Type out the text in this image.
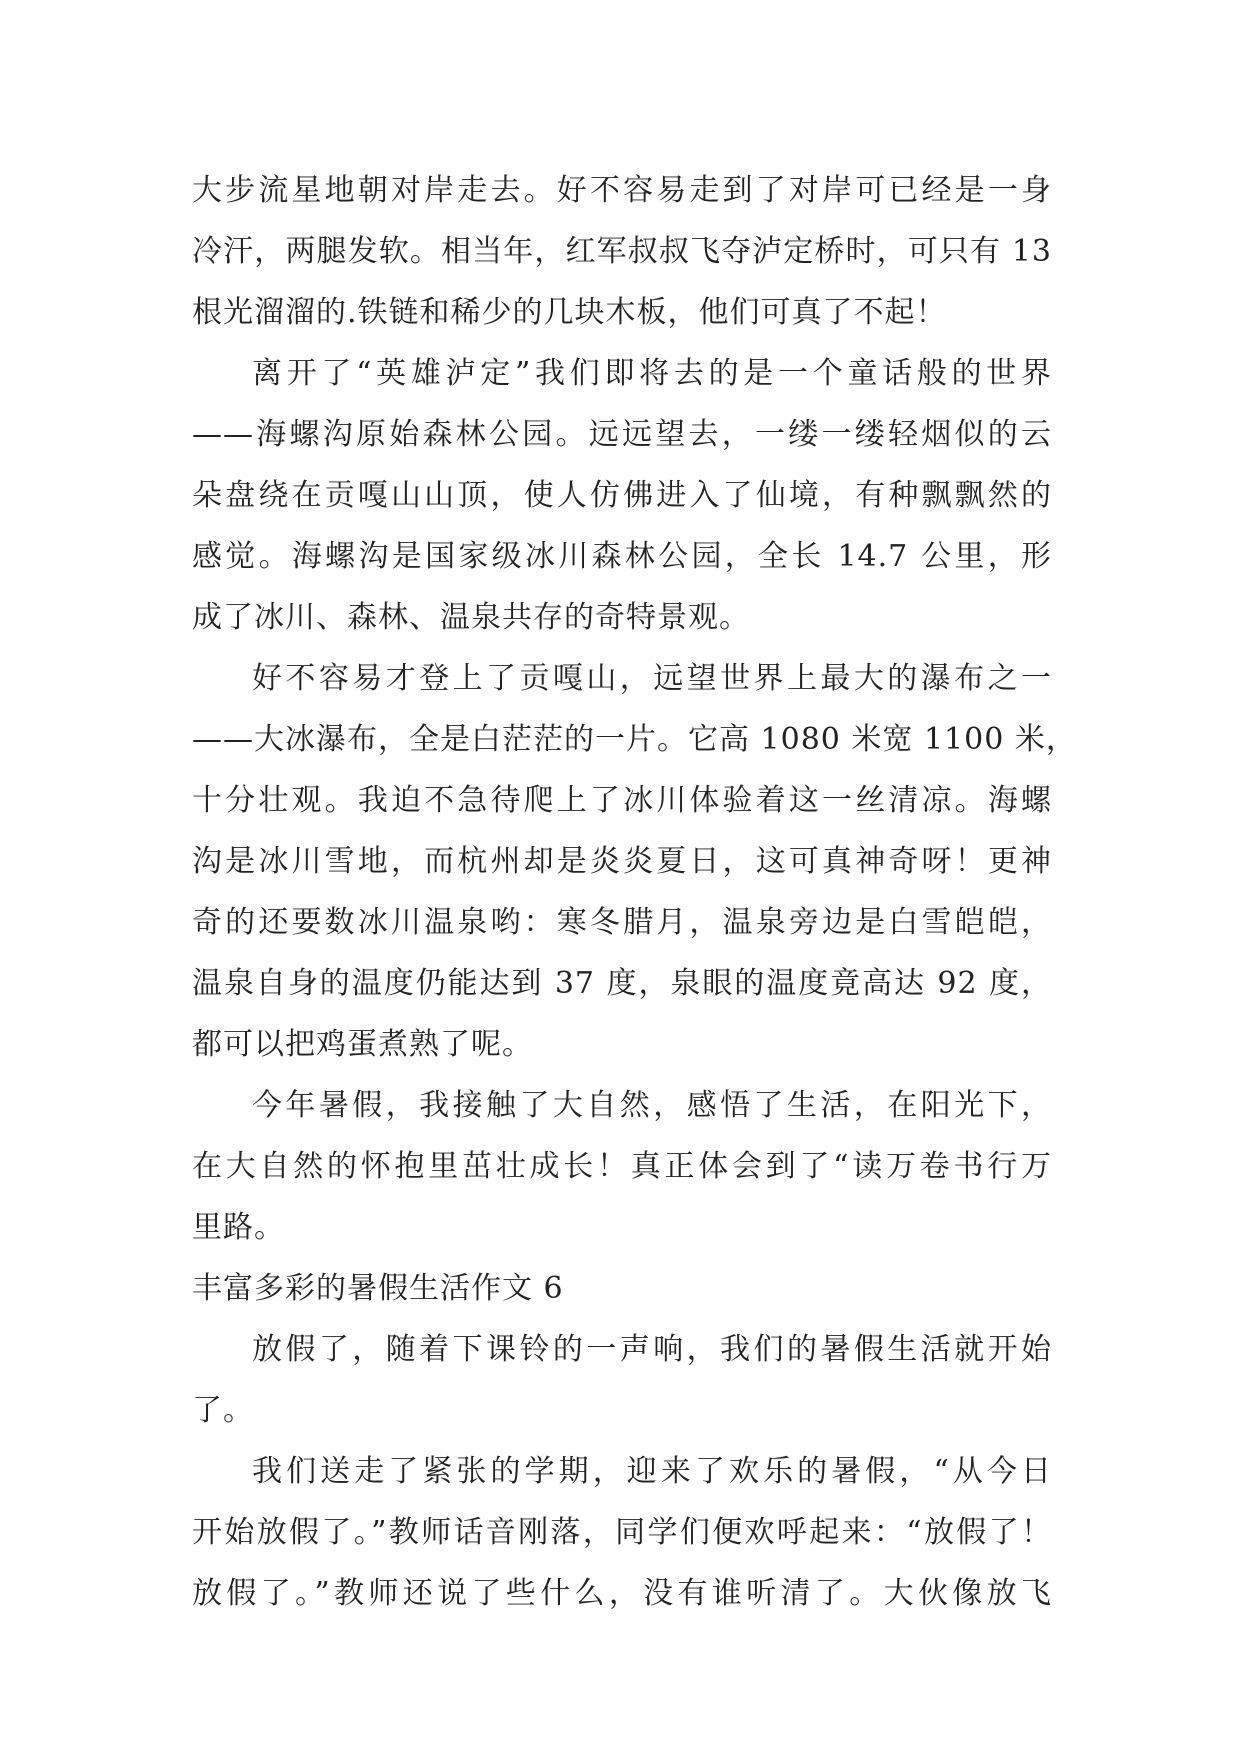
大步流星地朝对岸走去。好不容易走到了对岸可已经是一身
冷汗，两腿发软。相当年，红军叔叔飞夺泸定桥时，可只有 13
根光溜溜的.铁链和稀少的几块木板，他们可真了不起！
离开了“英雄泸定”我们即将去的是一个童话般的世界
——海螺沟原始森林公园。远远望去，一缕一缕轻烟似的云
朵盘绕在贡嘎山山顶，使人仿佛进入了仙境，有种飘飘然的
感觉。海螺沟是国家级冰川森林公园，全长 14.7 公里，形
成了冰川、森林、温泉共存的奇特景观。
好不容易才登上了贡嘎山，远望世界上最大的瀑布之一
——大冰瀑布，全是白茫茫的一片。它高 1080 米宽 1100 米，
十分壮观。我迫不急待爬上了冰川体验着这一丝清凉。海螺
沟是冰川雪地，而杭州却是炎炎夏日，这可真神奇呀！更神
奇的还要数冰川温泉哟：寒冬腊月，温泉旁边是白雪皑皑，
温泉自身的温度仍能达到 37 度，泉眼的温度竟高达 92 度，
都可以把鸡蛋煮熟了呢。
今年暑假，我接触了大自然，感悟了生活，在阳光下，
在大自然的怀抱里茁壮成长！真正体会到了“读万卷书行万
里路。
丰富多彩的暑假生活作文 6
放假了，随着下课铃的一声响，我们的暑假生活就开始
了。
我们送走了紧张的学期，迎来了欢乐的暑假，“从今日
开始放假了。”教师话音刚落，同学们便欢呼起来：“放假了！
放假了。”教师还说了些什么，没有谁听清了。大伙像放飞
